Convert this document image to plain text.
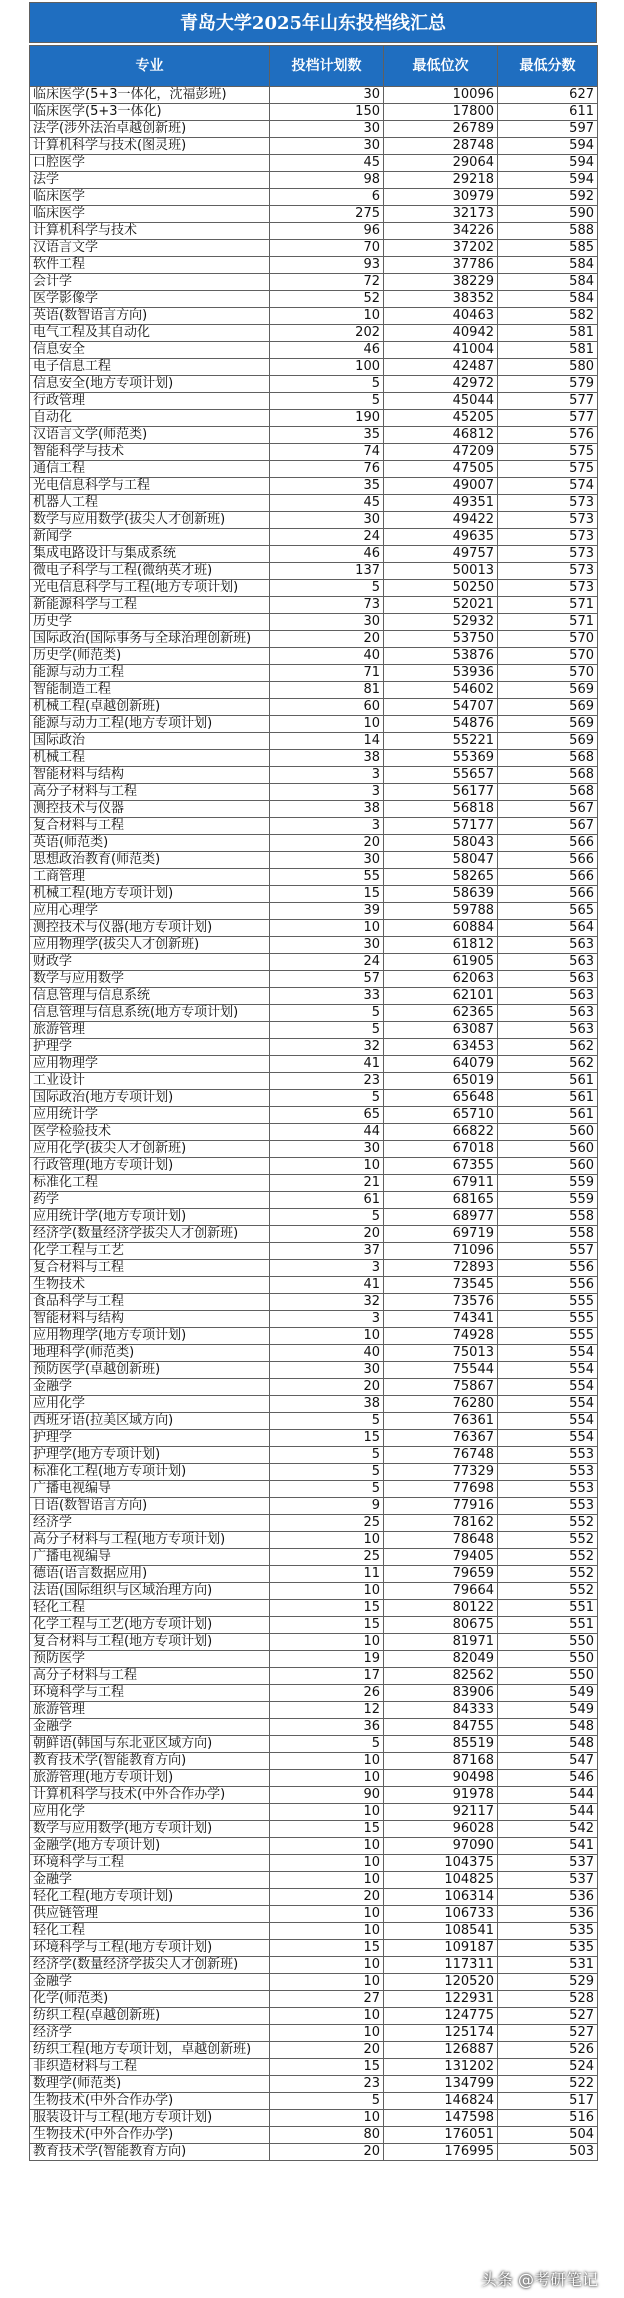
青岛大学2025年山东投档线汇总
专业	投档计划数	最低位次	最低分数
临床医学(5+3一体化，沈福彭班)	30	10096	627
临床医学(5+3一体化)	150	17800	611
法学(涉外法治卓越创新班)	30	26789	597
计算机科学与技术(图灵班)	30	28748	594
口腔医学	45	29064	594
法学	98	29218	594
临床医学	6	30979	592
临床医学	275	32173	590
计算机科学与技术	96	34226	588
汉语言文学	70	37202	585
软件工程	93	37786	584
会计学	72	38229	584
医学影像学	52	38352	584
英语(数智语言方向)	10	40463	582
电气工程及其自动化	202	40942	581
信息安全	46	41004	581
电子信息工程	100	42487	580
信息安全(地方专项计划)	5	42972	579
行政管理	5	45044	577
自动化	190	45205	577
汉语言文学(师范类)	35	46812	576
智能科学与技术	74	47209	575
通信工程	76	47505	575
光电信息科学与工程	35	49007	574
机器人工程	45	49351	573
数学与应用数学(拔尖人才创新班)	30	49422	573
新闻学	24	49635	573
集成电路设计与集成系统	46	49757	573
微电子科学与工程(微纳英才班)	137	50013	573
光电信息科学与工程(地方专项计划)	5	50250	573
新能源科学与工程	73	52021	571
历史学	30	52932	571
国际政治(国际事务与全球治理创新班)	20	53750	570
历史学(师范类)	40	53876	570
能源与动力工程	71	53936	570
智能制造工程	81	54602	569
机械工程(卓越创新班)	60	54707	569
能源与动力工程(地方专项计划)	10	54876	569
国际政治	14	55221	569
机械工程	38	55369	568
智能材料与结构	3	55657	568
高分子材料与工程	3	56177	568
测控技术与仪器	38	56818	567
复合材料与工程	3	57177	567
英语(师范类)	20	58043	566
思想政治教育(师范类)	30	58047	566
工商管理	55	58265	566
机械工程(地方专项计划)	15	58639	566
应用心理学	39	59788	565
测控技术与仪器(地方专项计划)	10	60884	564
应用物理学(拔尖人才创新班)	30	61812	563
财政学	24	61905	563
数学与应用数学	57	62063	563
信息管理与信息系统	33	62101	563
信息管理与信息系统(地方专项计划)	5	62365	563
旅游管理	5	63087	563
护理学	32	63453	562
应用物理学	41	64079	562
工业设计	23	65019	561
国际政治(地方专项计划)	5	65648	561
应用统计学	65	65710	561
医学检验技术	44	66822	560
应用化学(拔尖人才创新班)	30	67018	560
行政管理(地方专项计划)	10	67355	560
标准化工程	21	67911	559
药学	61	68165	559
应用统计学(地方专项计划)	5	68977	558
经济学(数量经济学拔尖人才创新班)	20	69719	558
化学工程与工艺	37	71096	557
复合材料与工程	3	72893	556
生物技术	41	73545	556
食品科学与工程	32	73576	555
智能材料与结构	3	74341	555
应用物理学(地方专项计划)	10	74928	555
地理科学(师范类)	40	75013	554
预防医学(卓越创新班)	30	75544	554
金融学	20	75867	554
应用化学	38	76280	554
西班牙语(拉美区域方向)	5	76361	554
护理学	15	76367	554
护理学(地方专项计划)	5	76748	553
标准化工程(地方专项计划)	5	77329	553
广播电视编导	5	77698	553
日语(数智语言方向)	9	77916	553
经济学	25	78162	552
高分子材料与工程(地方专项计划)	10	78648	552
广播电视编导	25	79405	552
德语(语言数据应用)	11	79659	552
法语(国际组织与区域治理方向)	10	79664	552
轻化工程	15	80122	551
化学工程与工艺(地方专项计划)	15	80675	551
复合材料与工程(地方专项计划)	10	81971	550
预防医学	19	82049	550
高分子材料与工程	17	82562	550
环境科学与工程	26	83906	549
旅游管理	12	84333	549
金融学	36	84755	548
朝鲜语(韩国与东北亚区域方向)	5	85519	548
教育技术学(智能教育方向)	10	87168	547
旅游管理(地方专项计划)	10	90498	546
计算机科学与技术(中外合作办学)	90	91978	544
应用化学	10	92117	544
数学与应用数学(地方专项计划)	15	96028	542
金融学(地方专项计划)	10	97090	541
环境科学与工程	10	104375	537
金融学	10	104825	537
轻化工程(地方专项计划)	20	106314	536
供应链管理	10	106733	536
轻化工程	10	108541	535
环境科学与工程(地方专项计划)	15	109187	535
经济学(数量经济学拔尖人才创新班)	10	117311	531
金融学	10	120520	529
化学(师范类)	27	122931	528
纺织工程(卓越创新班)	10	124775	527
经济学	10	125174	527
纺织工程(地方专项计划，卓越创新班)	20	126887	526
非织造材料与工程	15	131202	524
数理学(师范类)	23	134799	522
生物技术(中外合作办学)	5	146824	517
服装设计与工程(地方专项计划)	10	147598	516
生物技术(中外合作办学)	80	176051	504
教育技术学(智能教育方向)	20	176995	503
头条 @考研笔记
